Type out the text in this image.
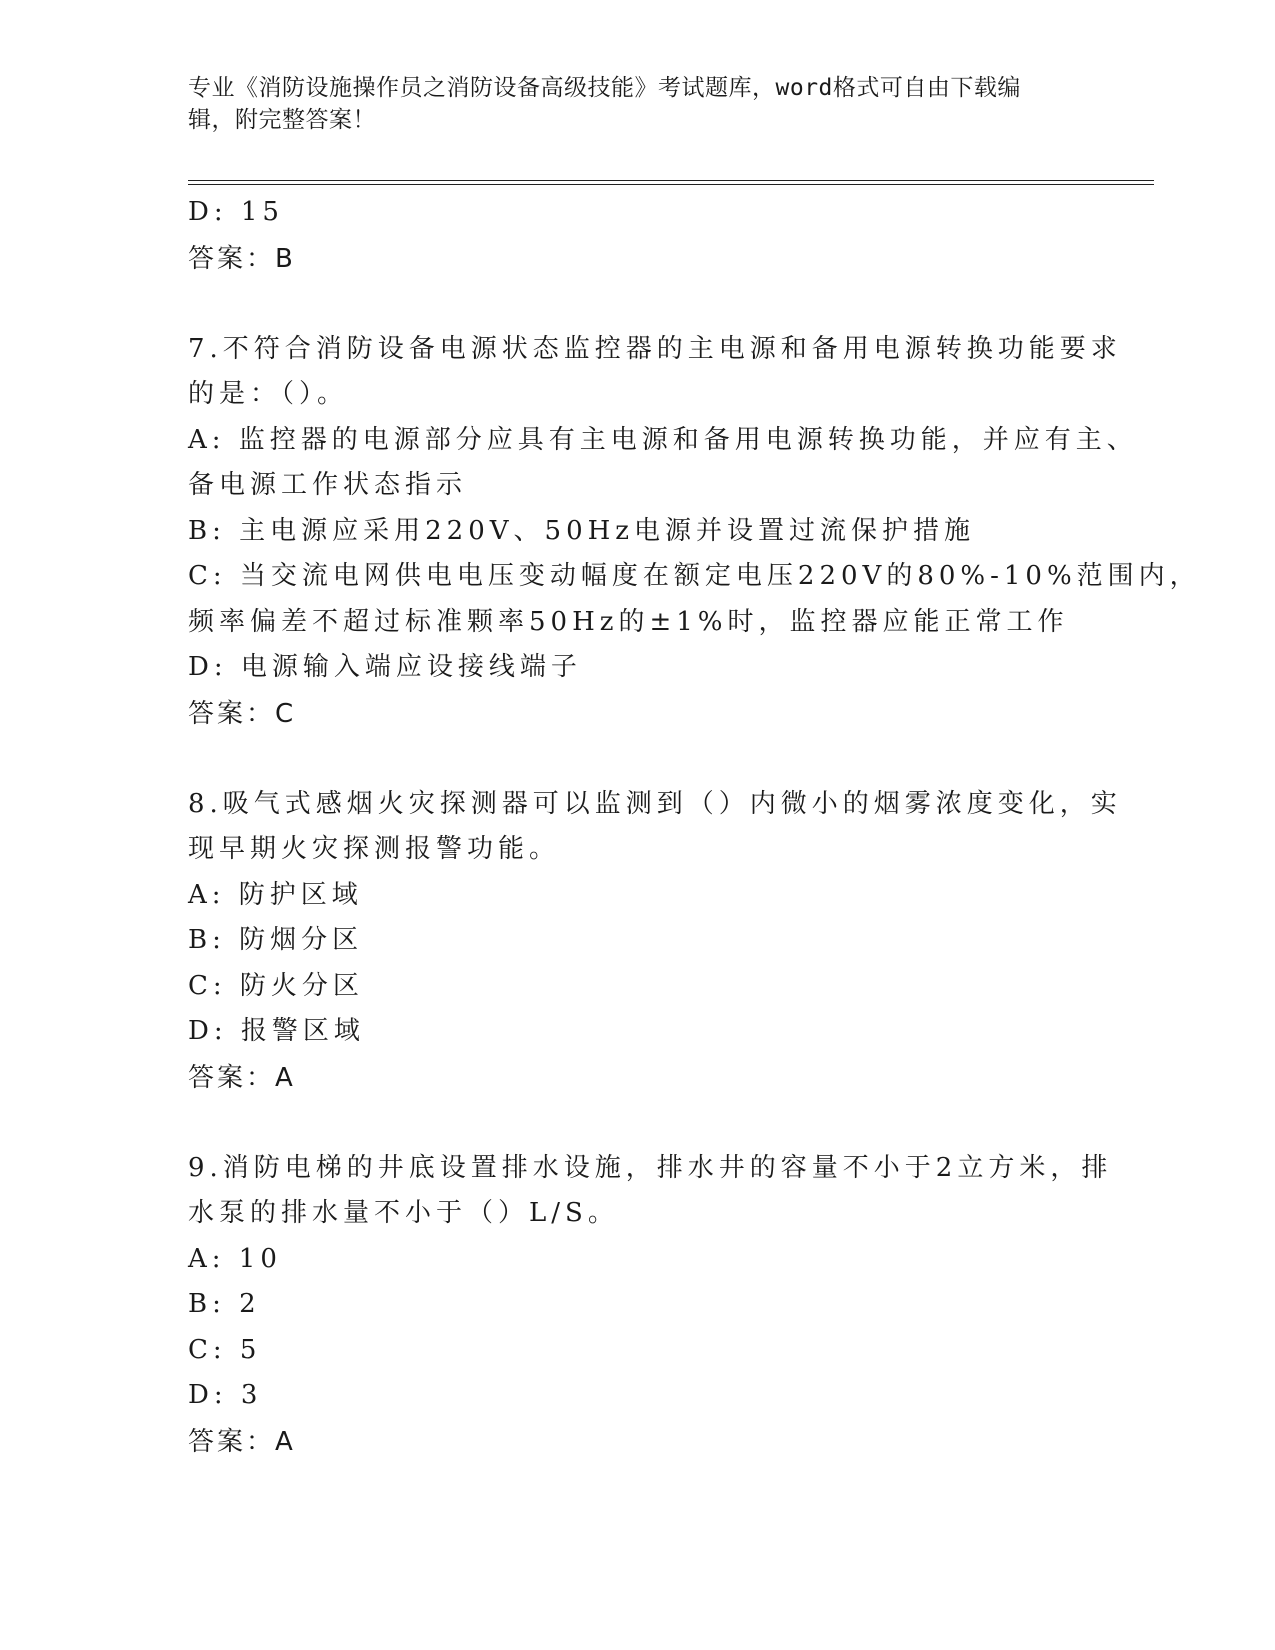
专业《消防设施操作员之消防设备高级技能》考试题库，word格式可自由下载编
辑，附完整答案！
D: 15
答案：B
7.不符合消防设备电源状态监控器的主电源和备用电源转换功能要求
的是：（）。
A: 监控器的电源部分应具有主电源和备用电源转换功能，并应有主、
备电源工作状态指示
B: 主电源应采用220V、50Hz电源并设置过流保护措施
C: 当交流电网供电电压变动幅度在额定电压220V的80%-10%范围内，
频率偏差不超过标准颗率50Hz的±1%时，监控器应能正常工作
D: 电源输入端应设接线端子
答案：C
8.吸气式感烟火灾探测器可以监测到（）内微小的烟雾浓度变化，实
现早期火灾探测报警功能。
A: 防护区域
B: 防烟分区
C: 防火分区
D: 报警区域
答案：A
9.消防电梯的井底设置排水设施，排水井的容量不小于2立方米，排
水泵的排水量不小于（）L/S。
A: 10
B: 2
C: 5
D: 3
答案：A
